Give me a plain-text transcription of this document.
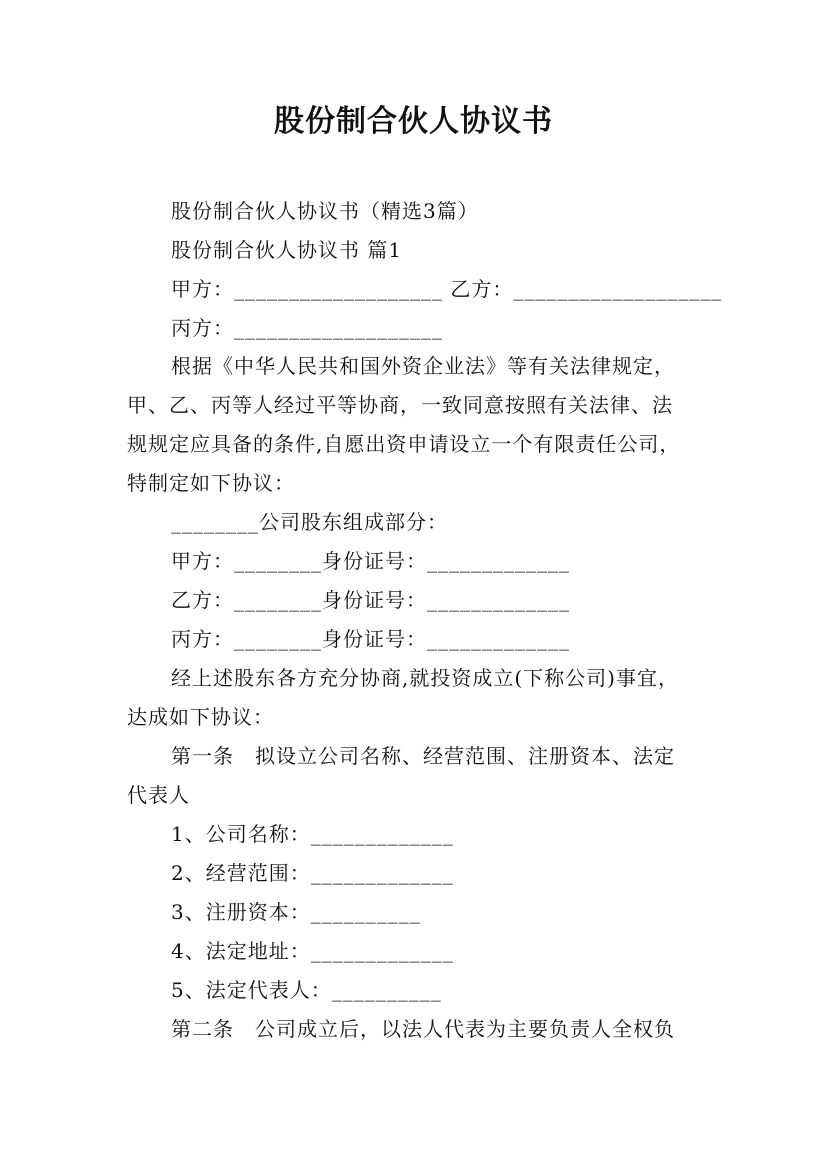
股份制合伙人协议书
股份制合伙人协议书（精选3篇）
股份制合伙人协议书 篇1
甲方：___________________ 乙方：___________________
丙方：___________________
根据《中华人民共和国外资企业法》等有关法律规定，
甲、乙、丙等人经过平等协商，一致同意按照有关法律、法
规规定应具备的条件,自愿出资申请设立一个有限责任公司，
特制定如下协议：
________公司股东组成部分：
甲方：________身份证号：_____________
乙方：________身份证号：_____________
丙方：________身份证号：_____________
经上述股东各方充分协商,就投资成立(下称公司)事宜，
达成如下协议：
第一条　拟设立公司名称、经营范围、注册资本、法定
代表人
1、公司名称：_____________
2、经营范围：_____________
3、注册资本：__________
4、法定地址：_____________
5、法定代表人：__________
第二条　公司成立后，以法人代表为主要负责人全权负
